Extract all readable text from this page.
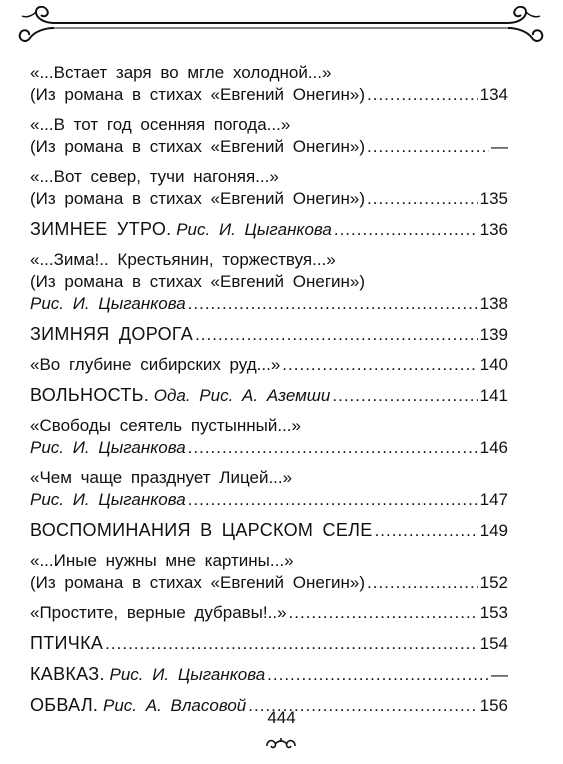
«...Встает заря во мгле холодной...»
(Из романа в стихах «Евгений Онегин») .....	134
«...В тот год осенняя погода...»
(Из романа в стихах «Евгений Онегин») .....	—
«...Вот север, тучи нагоняя...»
(Из романа в стихах «Евгений Онегин») .....	135
ЗИМНЕЕ УТРО. Рис. И. Цыганкова .....	136
«...Зима!.. Крестьянин, торжествуя...»
(Из романа в стихах «Евгений Онегин»)
Рис. И. Цыганкова .....	138
ЗИМНЯЯ ДОРОГА .....	139
«Во глубине сибирских руд...» .....	140
ВОЛЬНОСТЬ. Ода. Рис. А. Аземши .....	141
«Свободы сеятель пустынный...»
Рис. И. Цыганкова .....	146
«Чем чаще празднует Лицей...»
Рис. И. Цыганкова .....	147
ВОСПОМИНАНИЯ В ЦАРСКОМ СЕЛЕ .....	149
«...Иные нужны мне картины...»
(Из романа в стихах «Евгений Онегин») .....	152
«Простите, верные дубравы!..» .....	153
ПТИЧКА .....	154
КАВКАЗ. Рис. И. Цыганкова .....	—
ОБВАЛ. Рис. А. Власовой .....	156
444
